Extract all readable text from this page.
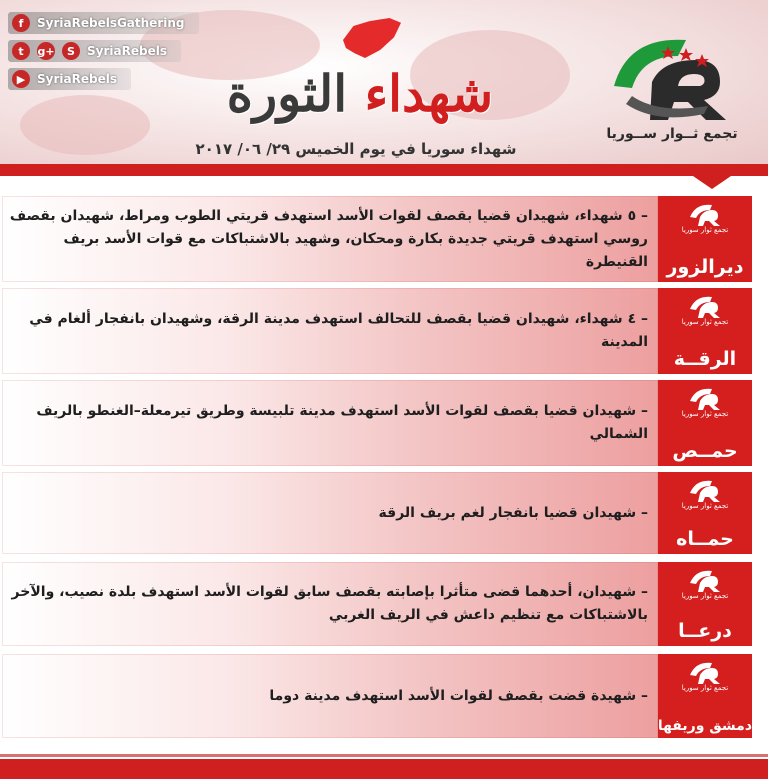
f	SyriaRebelsGathering
t	g+	S	SyriaRebels
▶ SyriaRebels	شهداء الثورة
شهداء سوريا في يوم الخميس ٢٩/ ٠٦/ ٢٠١٧
تجمع ثــوار ســوريا
– ٥ شهداء، شهيدان قضيا بقصف لقوات الأسد استهدف قريتي الطوب ومراط، شهيدان بقصف روسي استهدف قريتي جديدة بكارة ومحكان، وشهيد بالاشتباكات مع قوات الأسد بريف القنيطرة
تجمع ثوار سوريا
ديرالزور
– ٤ شهداء، شهيدان قضيا بقصف للتحالف استهدف مدينة الرقة، وشهيدان بانفجار ألغام في المدينة
تجمع ثوار سوريا
الرقــة
– شهيدان قضيا بقصف لقوات الأسد استهدف مدينة تلبيسة وطريق تيرمعلة–الغنطو بالريف الشمالي
تجمع ثوار سوريا
حمــص
– شهيدان قضيا بانفجار لغم بريف الرقة	تجمع ثوار سوريا
حمــاه
– شهيدان، أحدهما قضى متأثرا بإصابته بقصف سابق لقوات الأسد استهدف بلدة نصيب، والآخر بالاشتباكات مع تنظيم داعش في الريف الغربي
تجمع ثوار سوريا
درعــا
– شهيدة قضت بقصف لقوات الأسد استهدف مدينة دوما	تجمع ثوار سوريا
دمشق وريفها
